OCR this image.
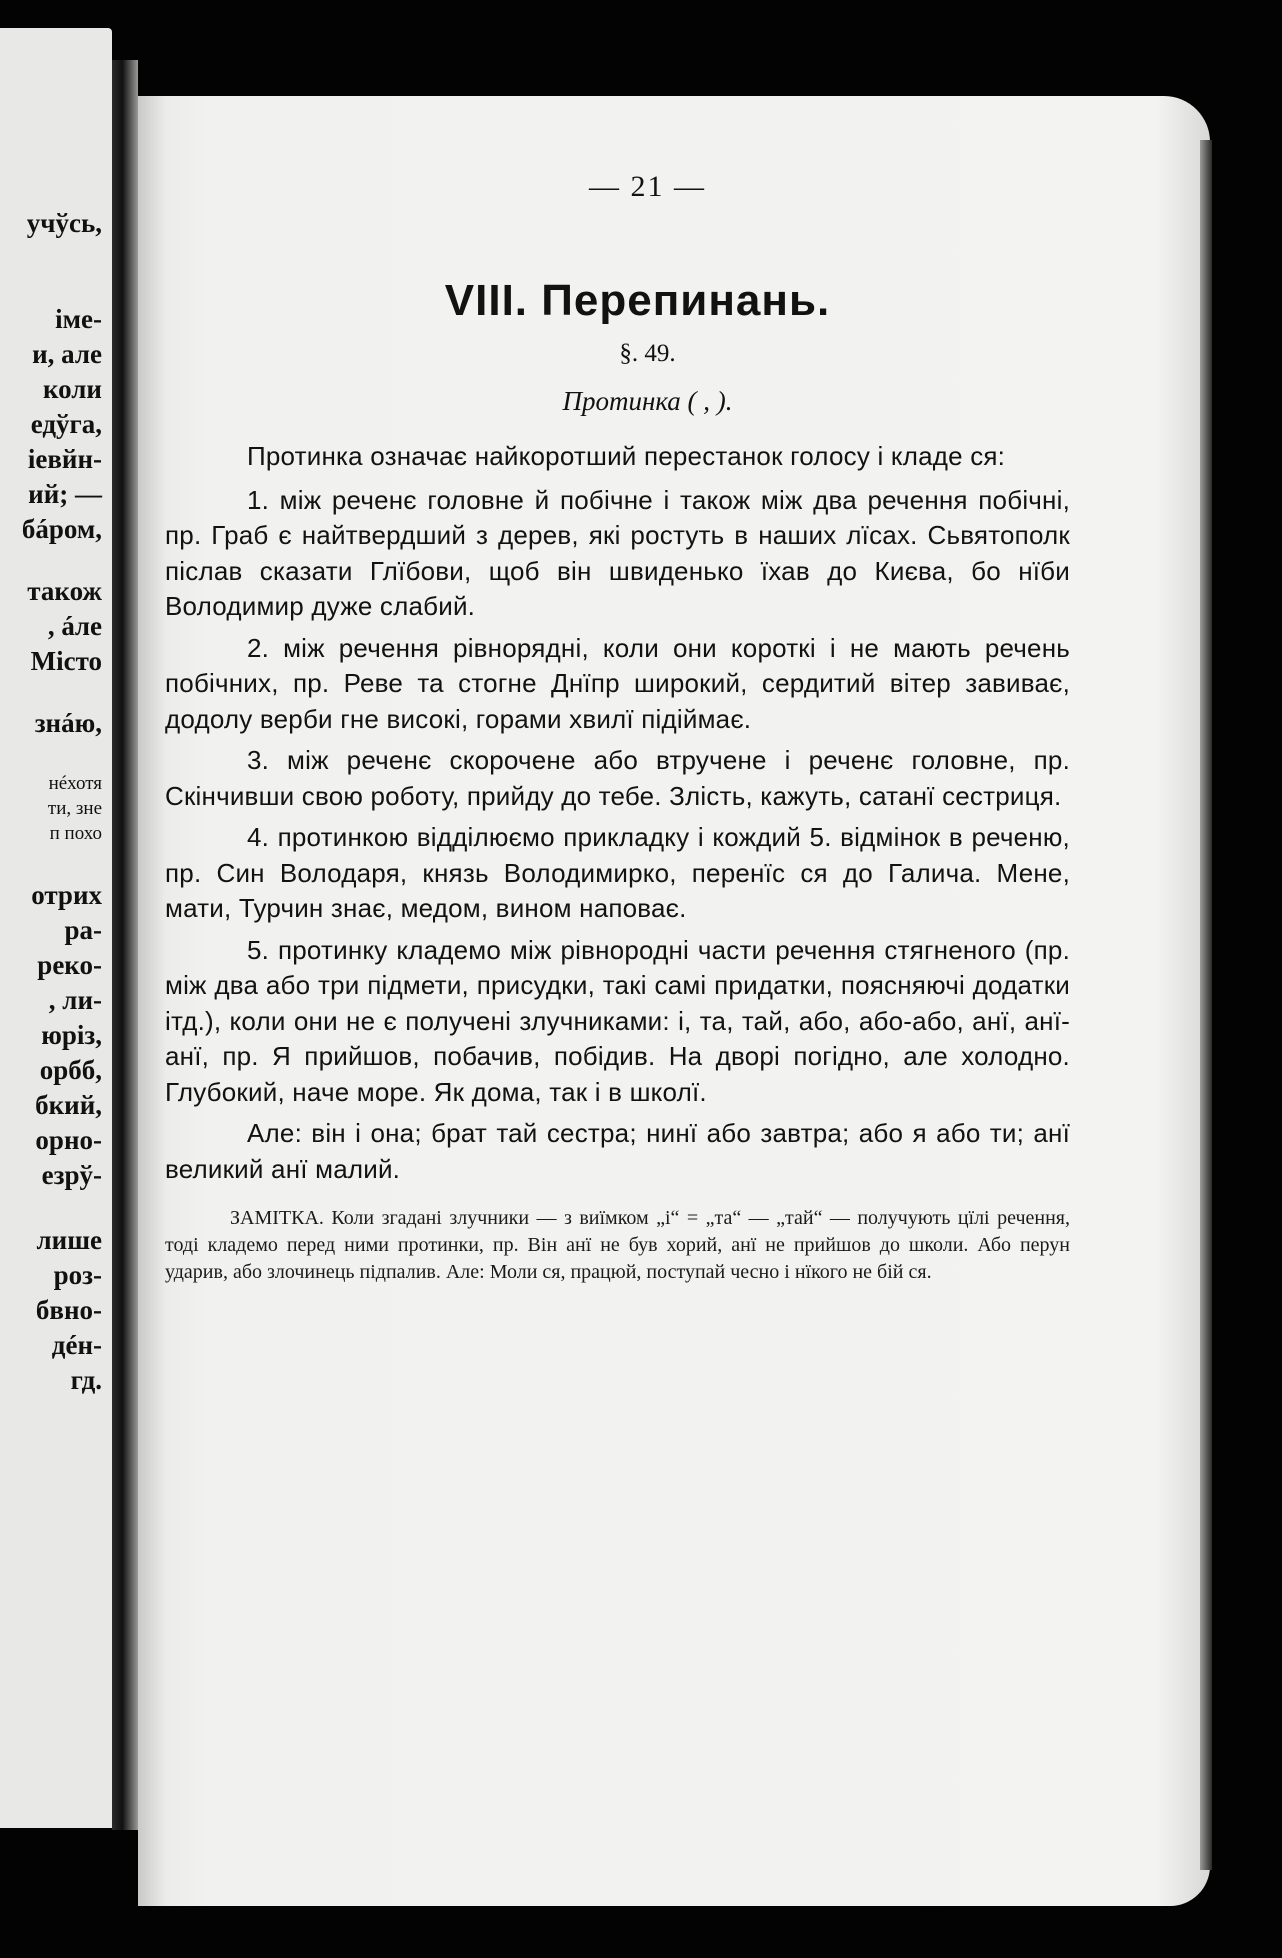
учўсь,
іме-
и, але
коли
едўга,
іевйн-
ий; —
бáром,
також
, áле
Місто
знáю,
нéхотя
ти, зне
п похо
отрих
ра-
реко-
, ли-
юріз,
орбб,
бкий,
орно-
езрў-
лише
роз-
бвно-
дéн-
гд.
— 21 —
VIII. Перепинань.
§. 49.
Протинка ( , ).

Протинка означає найкоротший перестанок голосу і кладе ся:

1. між реченє головне й побічне і також між два речення побічні, пр. Граб є найтвердший з дерев, які ростуть в наших лїсах. Сьвятополк післав сказати Глїбови, щоб він швиденько їхав до Києва, бо нїби Володимир дуже слабий.

2. між речення рівнорядні, коли они короткі і не мають речень побічних, пр. Реве та стогне Днїпр широкий, сердитий вітер завиває, додолу верби гне високі, горами хвилї підіймає.

3. між реченє скорочене або втручене і реченє головне, пр. Скінчивши свою роботу, прийду до тебе. Злість, кажуть, сатанї сестриця.

4. протинкою відділюємо прикладку і кождий 5. відмінок в реченю, пр. Син Володаря, князь Володимирко, перенїс ся до Галича. Мене, мати, Турчин знає, медом, вином наповає.

5. протинку кладемо між рівнородні части речення стягненого (пр. між два або три підмети, присудки, такі самі придатки, поясняючі додатки ітд.), коли они не є получені злучниками: і, та, тай, або, або-або, анї, анї-анї, пр. Я прийшов, побачив, побідив. На дворі погідно, але холодно. Глубокий, наче море. Як дома, так і в школї.

Але: він і она; брат тай сестра; нинї або завтра; або я або ти; анї великий анї малий.

ЗАМІТКА. Коли згадані злучники — з виїмком „і“ = „та“ — „тай“ — получують цїлі речення, тоді кладемо перед ними протинки, пр. Він анї не був хорий, анї не прийшов до школи. Або перун ударив, або злочинець підпалив. Але: Моли ся, працюй, поступай чесно і нїкого не бій ся.
